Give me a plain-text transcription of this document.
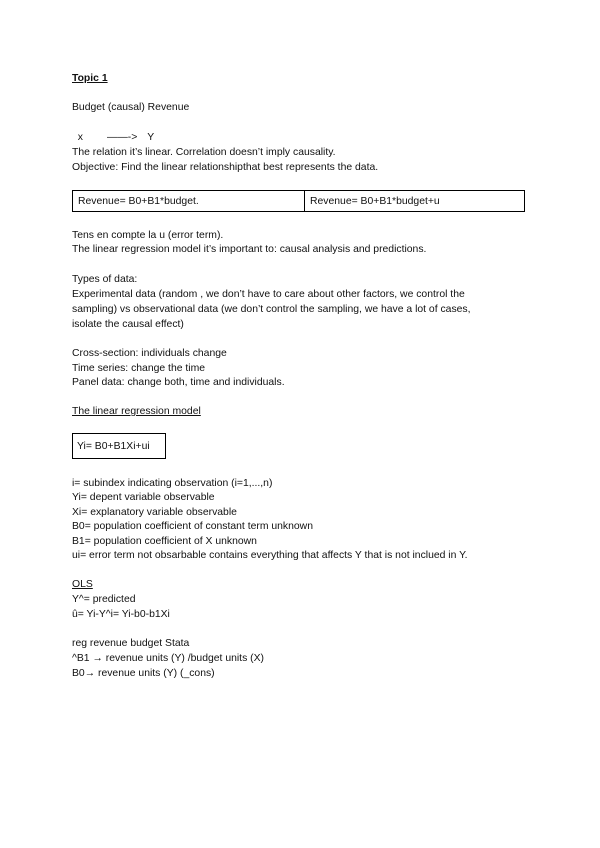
Topic 1
Budget (causal) Revenue

x ——-> Y

The relation it’s linear. Correlation doesn’t imply causality.
Objective: Find the linear relationshipthat best represents the data.
Revenue= B0+B1*budget.	Revenue= B0+B1*budget+u
Tens en compte la u (error term).
The linear regression model it’s important to: causal analysis and predictions.
Types of data:
Experimental data (random , we don’t have to care about other factors, we control the
sampling) vs observational data (we don’t control the sampling, we have a lot of cases,
isolate the causal effect)
Cross-section: individuals change
Time series: change the time
Panel data: change both, time and individuals.
The linear regression model
Yi= B0+B1Xi+ui
i= subindex indicating observation (i=1,...,n)
Yi= depent variable observable
Xi= explanatory variable observable
B0= population coefficient of constant term unknown
B1= population coefficient of X unknown
ui= error term not obsarbable contains everything that affects Y that is not inclued in Y.
OLS
Y^= predicted
û= Yi-Y^i= Yi-b0-b1Xi
reg revenue budget Stata
^B1 → revenue units (Y) /budget units (X)
B0→ revenue units (Y) (_cons)
